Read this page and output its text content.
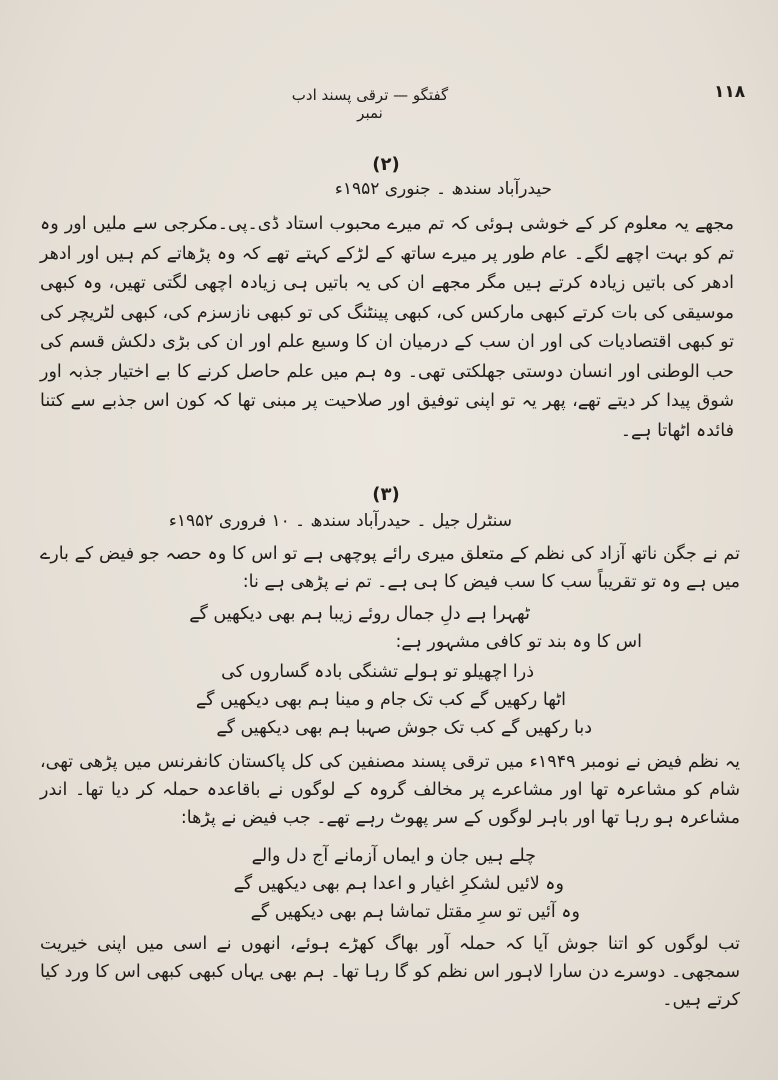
۱۱۸
گفتگو — ترقی پسند ادب نمبر
(۲)
حیدرآباد سندھ ۔ جنوری ۱۹۵۲ء
مجھے یہ معلوم کر کے خوشی ہوئی کہ تم میرے محبوب استاد ڈی۔پی۔مکرجی سے ملیں اور وہ تم کو بہت اچھے لگے۔ عام طور پر میرے ساتھ کے لڑکے کہتے تھے کہ وہ پڑھاتے کم ہیں اور ادھر ادھر کی باتیں زیادہ کرتے ہیں مگر مجھے ان کی یہ باتیں ہی زیادہ اچھی لگتی تھیں، وہ کبھی موسیقی کی بات کرتے کبھی مارکس کی، کبھی پینٹنگ کی تو کبھی نازسزم کی، کبھی لٹریچر کی تو کبھی اقتصادیات کی اور ان سب کے درمیان ان کا وسیع علم اور ان کی بڑی دلکش قسم کی حب الوطنی اور انسان دوستی جھلکتی تھی۔ وہ ہم میں علم حاصل کرنے کا بے اختیار جذبہ اور شوق پیدا کر دیتے تھے، پھر یہ تو اپنی توفیق اور صلاحیت پر مبنی تھا کہ کون اس جذبے سے کتنا فائدہ اٹھاتا ہے۔
(۳)
سنٹرل جیل ۔ حیدرآباد سندھ ۔ ۱۰ فروری ۱۹۵۲ء
تم نے جگن ناتھ آزاد کی نظم کے متعلق میری رائے پوچھی ہے تو اس کا وہ حصہ جو فیض کے بارے میں ہے وہ تو تقریباً سب کا سب فیض کا ہی ہے۔ تم نے پڑھی ہے نا:
ٹھہرا ہے دلِ جمال روئے زیبا ہم بھی دیکھیں گے
اس کا وہ بند تو کافی مشہور ہے:
ذرا اچھیلو تو ہولے تشنگی بادہ گساروں کی
اٹھا رکھیں گے کب تک جام و مینا ہم بھی دیکھیں گے
دبا رکھیں گے کب تک جوش صہبا ہم بھی دیکھیں گے
یہ نظم فیض نے نومبر ۱۹۴۹ء میں ترقی پسند مصنفین کی کل پاکستان کانفرنس میں پڑھی تھی، شام کو مشاعرہ تھا اور مشاعرے پر مخالف گروہ کے لوگوں نے باقاعدہ حملہ کر دیا تھا۔ اندر مشاعرہ ہو رہا تھا اور باہر لوگوں کے سر پھوٹ رہے تھے۔ جب فیض نے پڑھا:
چلے ہیں جان و ایماں آزمانے آج دل والے
وہ لائیں لشکرِ اغیار و اعدا ہم بھی دیکھیں گے
وہ آئیں تو سرِ مقتل تماشا ہم بھی دیکھیں گے
تب لوگوں کو اتنا جوش آیا کہ حملہ آور بھاگ کھڑے ہوئے، انھوں نے اسی میں اپنی خیریت سمجھی۔ دوسرے دن سارا لاہور اس نظم کو گا رہا تھا۔ ہم بھی یہاں کبھی کبھی اس کا ورد کیا کرتے ہیں۔
